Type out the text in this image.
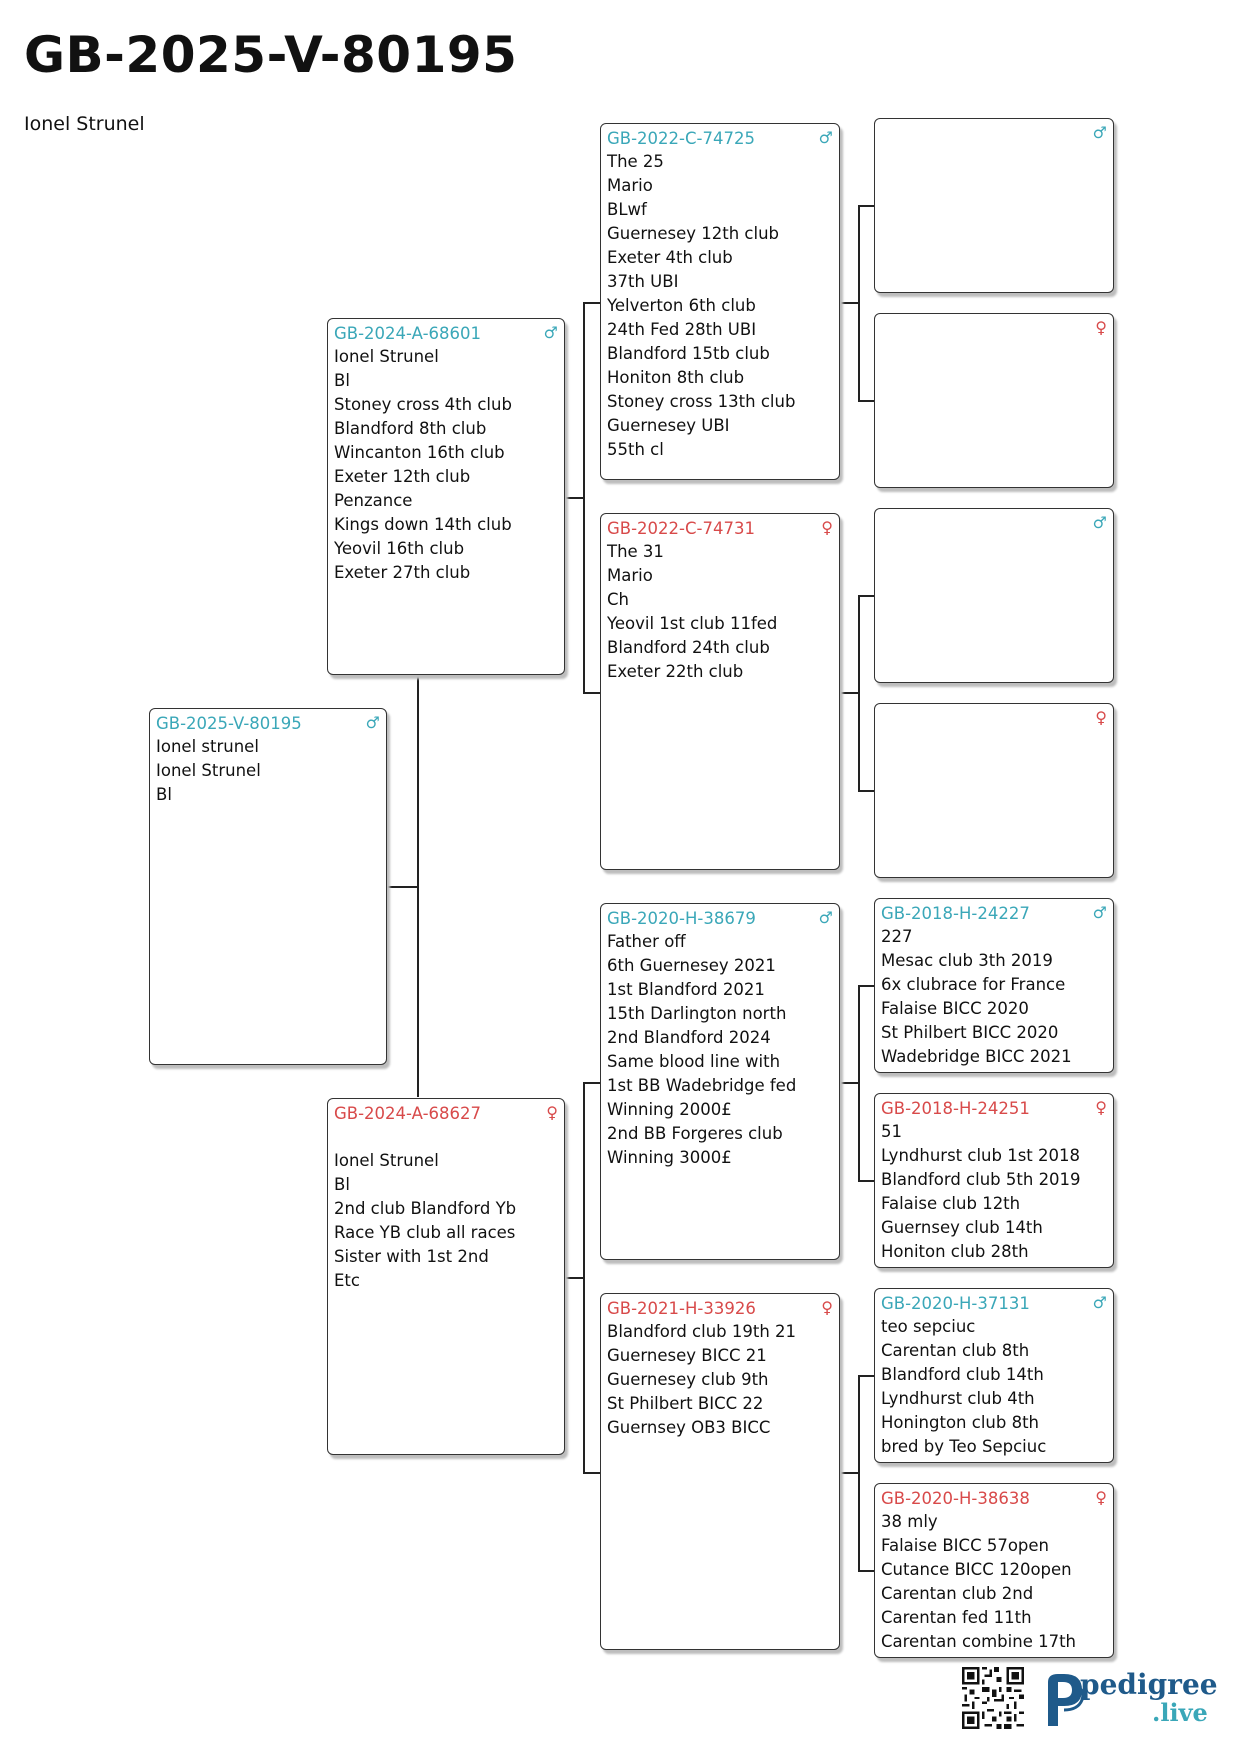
GB-2025-V-80195
Ionel Strunel
♂
GB-2025-V-80195
Ionel strunel
Ionel Strunel
Bl
♂
GB-2024-A-68601
Ionel Strunel
Bl
Stoney cross 4th club
Blandford 8th club
Wincanton 16th club
Exeter 12th club
Penzance
Kings down 14th club
Yeovil 16th club
Exeter 27th club
♀
GB-2024-A-68627
Ionel Strunel
Bl
2nd club Blandford Yb
Race YB club all races
Sister with 1st 2nd
Etc
♂
GB-2022-C-74725
The 25
Mario
BLwf
Guernesey 12th club
Exeter 4th club
37th UBI
Yelverton 6th club
24th Fed 28th UBI
Blandford 15tb club
Honiton 8th club
Stoney cross 13th club
Guernesey UBI
55th cl
♀
GB-2022-C-74731
The 31
Mario
Ch
Yeovil 1st club 11fed
Blandford 24th club
Exeter 22th club
♂
GB-2020-H-38679
Father off
6th Guernesey 2021
1st Blandford 2021
15th Darlington north
2nd Blandford 2024
Same blood line with
1st BB Wadebridge fed
Winning 2000£
2nd BB Forgeres club
Winning 3000£
♀
GB-2021-H-33926
Blandford club 19th 21
Guernesey BICC 21
Guernesey club 9th
St Philbert BICC 22
Guernsey OB3 BICC
♂
♀
♂
♀
♂
GB-2018-H-24227
227
Mesac club 3th 2019
6x clubrace for France
Falaise BICC 2020
St Philbert BICC 2020
Wadebridge BICC 2021
♀
GB-2018-H-24251
51
Lyndhurst club 1st 2018
Blandford club 5th 2019
Falaise club 12th
Guernsey club 14th
Honiton club 28th
♂
GB-2020-H-37131
teo sepciuc
Carentan club 8th
Blandford club 14th
Lyndhurst club 4th
Honington club 8th
bred by Teo Sepciuc
♀
GB-2020-H-38638
38 mly
Falaise BICC 57open
Cutance BICC 120open
Carentan club 2nd
Carentan fed 11th
Carentan combine 17th
pedigree
.live
